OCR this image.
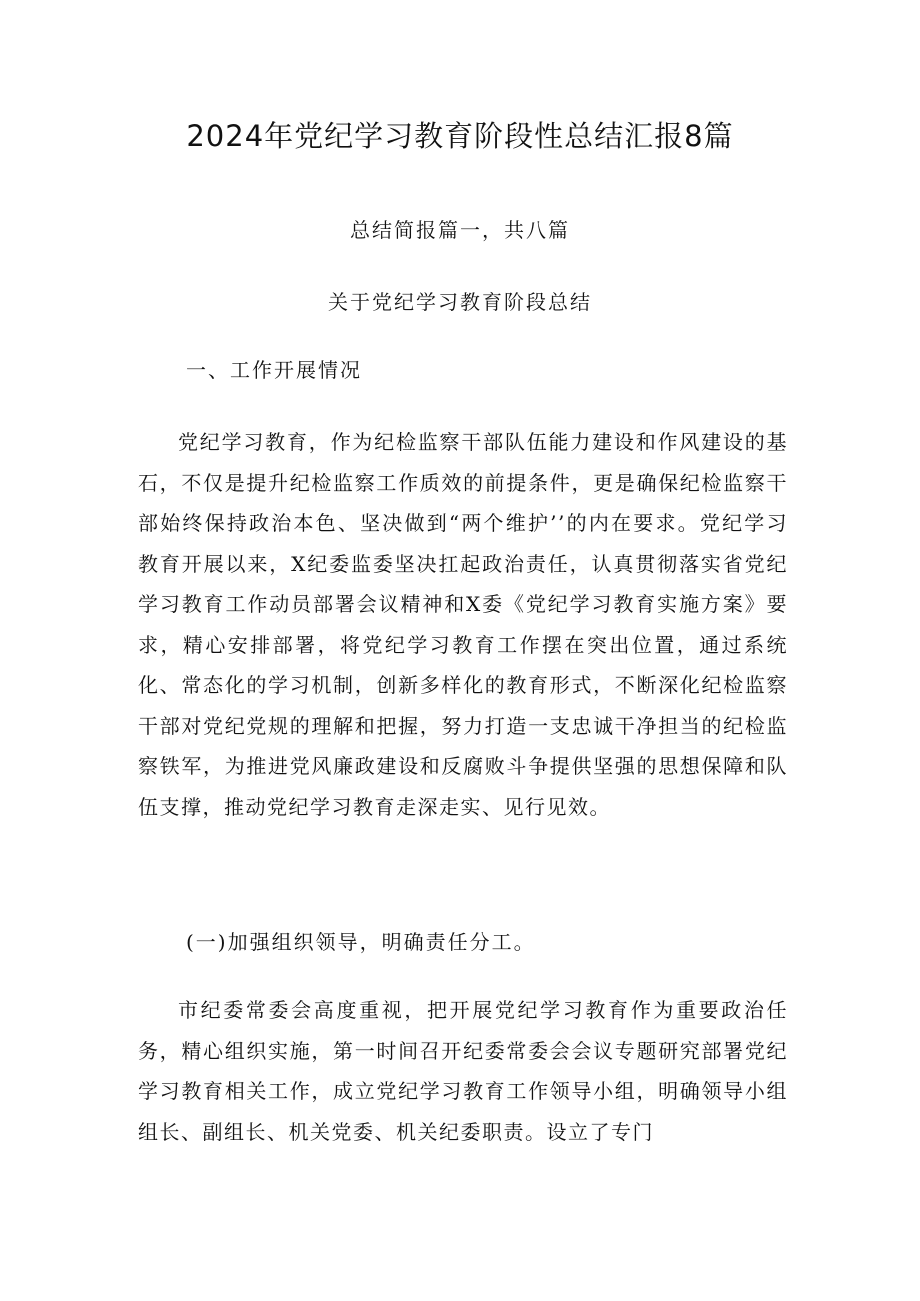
2024年党纪学习教育阶段性总结汇报8篇
总结简报篇一，共八篇
关于党纪学习教育阶段总结
一、工作开展情况
党纪学习教育，作为纪检监察干部队伍能力建设和作风建设的基石，不仅是提升纪检监察工作质效的前提条件，更是确保纪检监察干部始终保持政治本色、坚决做到“两个维护’’的内在要求。党纪学习教育开展以来，X纪委监委坚决扛起政治责任，认真贯彻落实省党纪学习教育工作动员部署会议精神和X委《党纪学习教育实施方案》要求，精心安排部署，将党纪学习教育工作摆在突出位置，通过系统化、常态化的学习机制，创新多样化的教育形式，不断深化纪检监察干部对党纪党规的理解和把握，努力打造一支忠诚干净担当的纪检监察铁军，为推进党风廉政建设和反腐败斗争提供坚强的思想保障和队伍支撑，推动党纪学习教育走深走实、见行见效。
(一)加强组织领导，明确责任分工。
市纪委常委会高度重视，把开展党纪学习教育作为重要政治任务，精心组织实施，第一时间召开纪委常委会会议专题研究部署党纪学习教育相关工作，成立党纪学习教育工作领导小组，明确领导小组组长、副组长、机关党委、机关纪委职责。设立了专门
